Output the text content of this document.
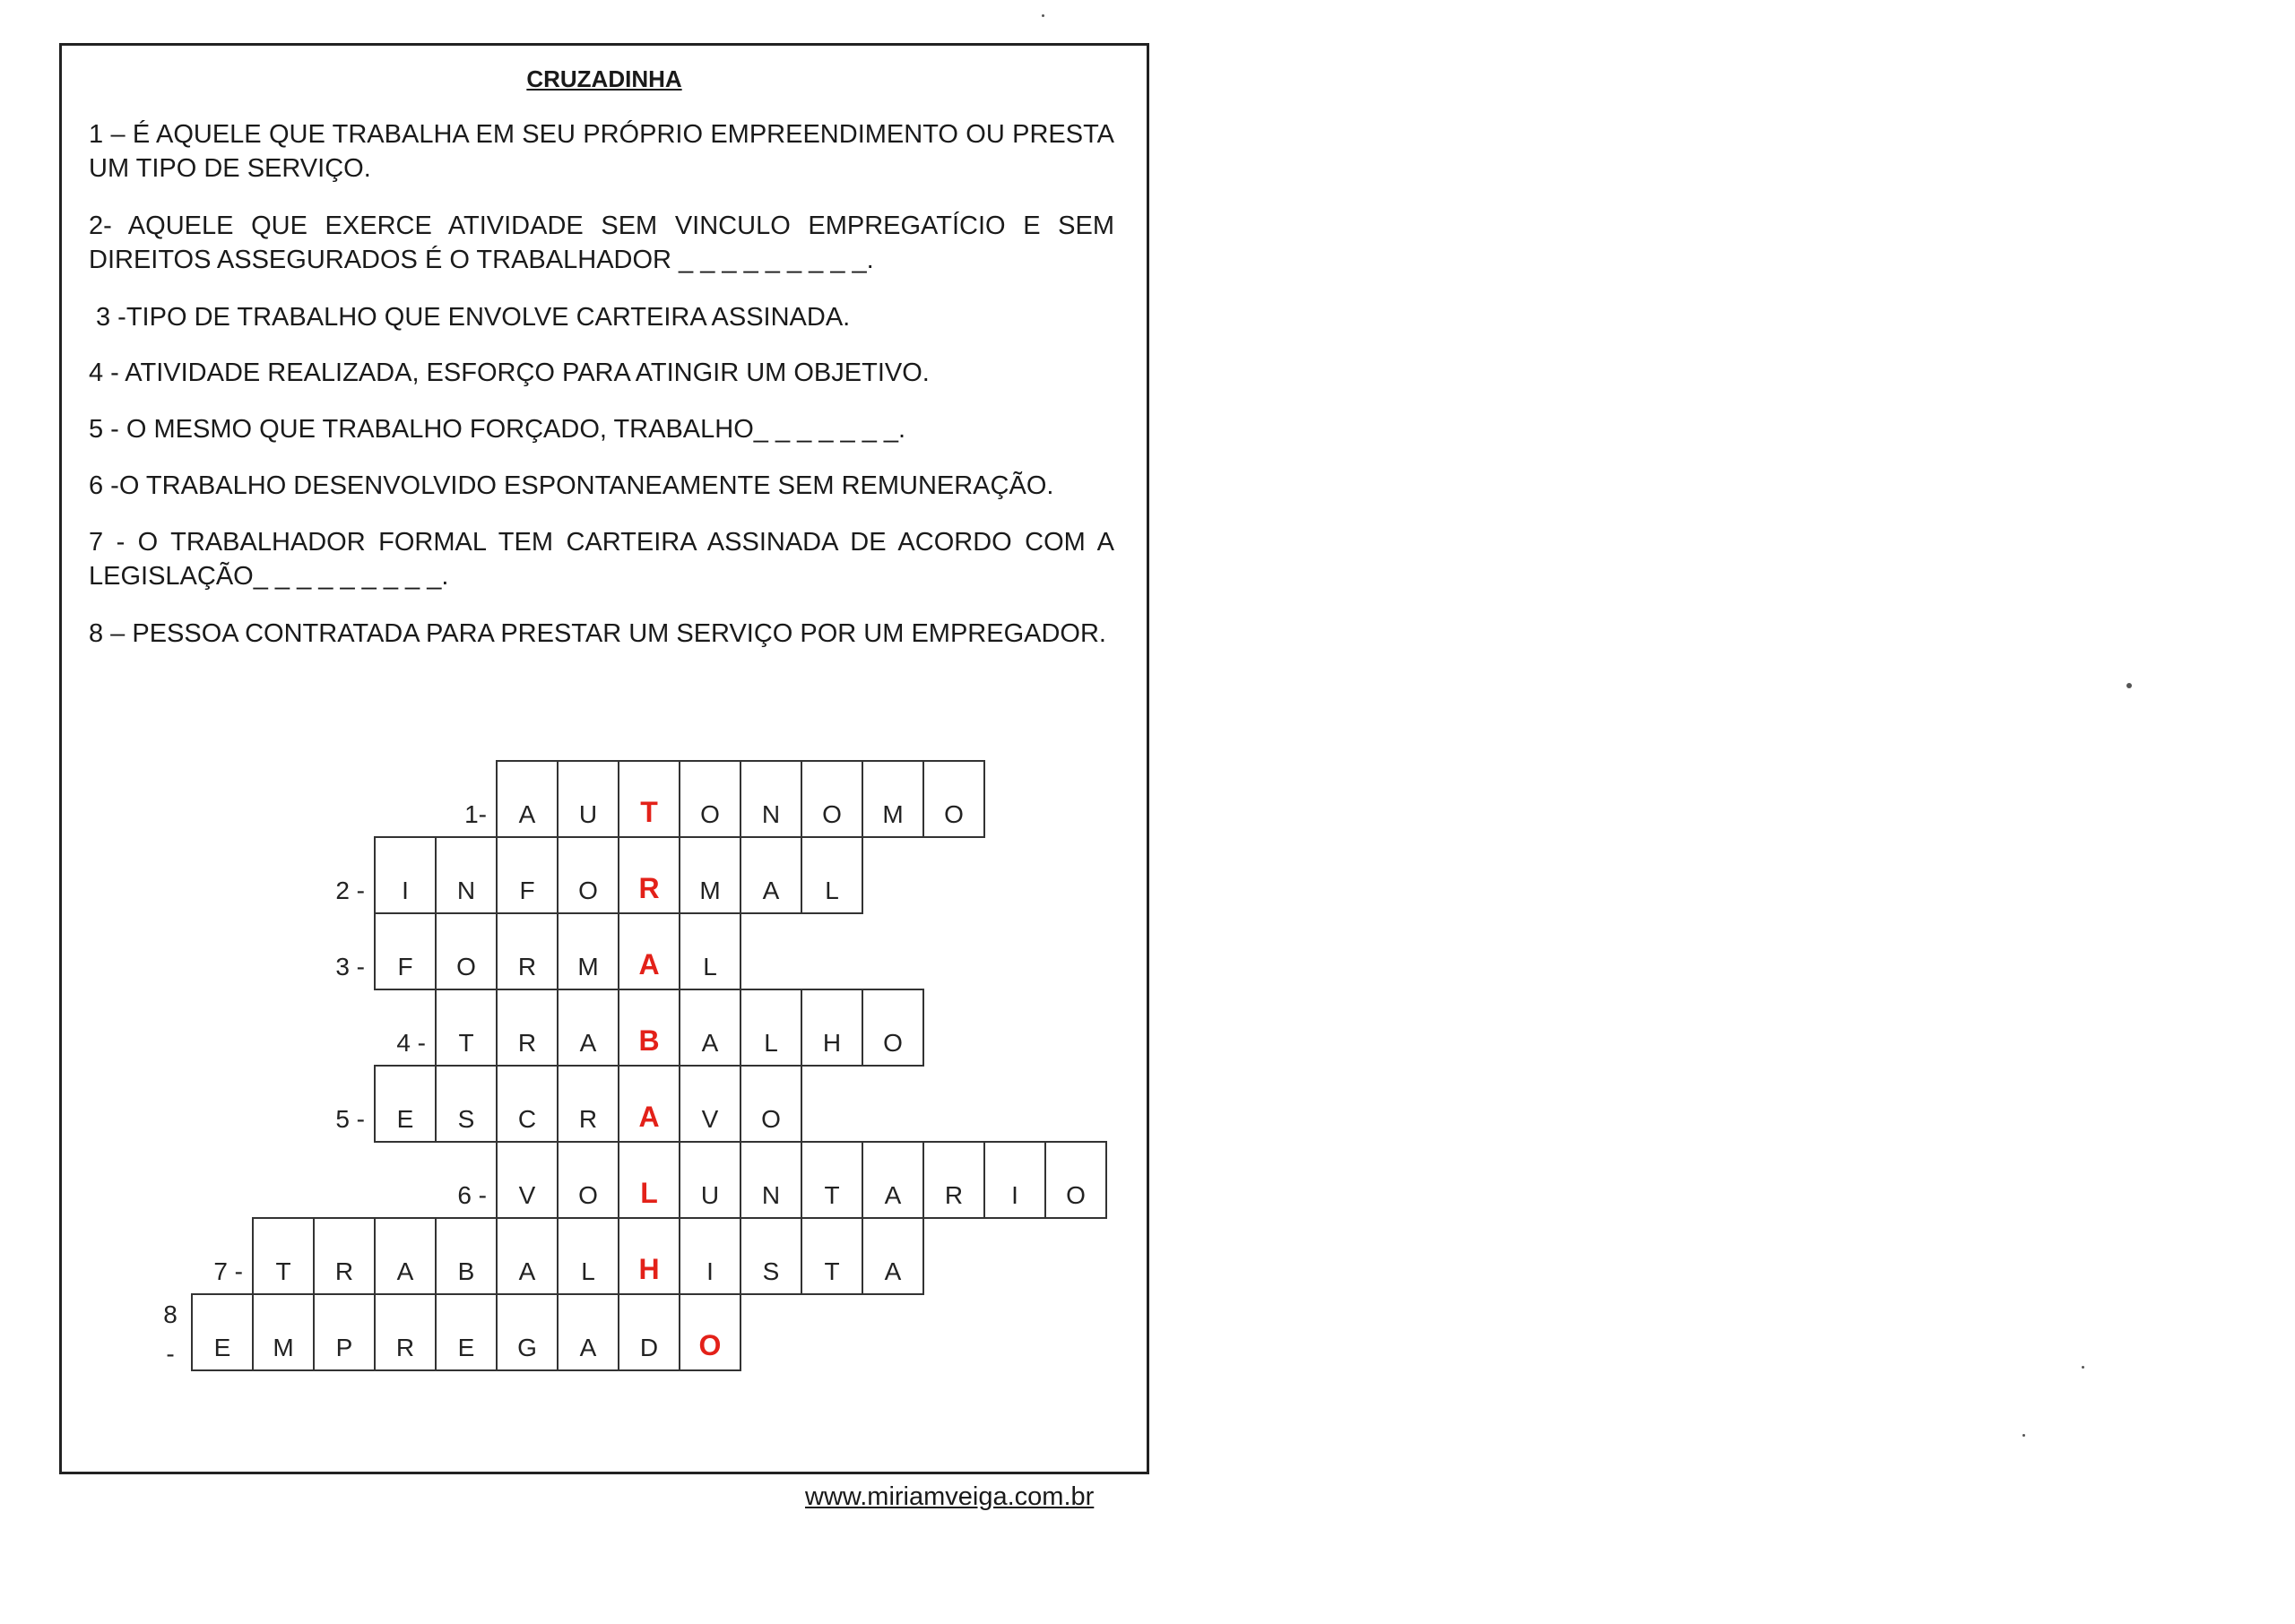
CRUZADINHA

1 – É AQUELE QUE TRABALHA EM SEU PRÓPRIO EMPREENDIMENTO OU PRESTA UM TIPO DE SERVIÇO.

2- AQUELE QUE EXERCE ATIVIDADE SEM VINCULO EMPREGATÍCIO E SEM DIREITOS ASSEGURADOS É O TRABALHADOR _ _ _ _ _ _ _ _ _.

3 -TIPO DE TRABALHO QUE ENVOLVE CARTEIRA ASSINADA.

4 - ATIVIDADE REALIZADA, ESFORÇO PARA ATINGIR UM OBJETIVO.

5 - O MESMO QUE TRABALHO FORÇADO, TRABALHO_ _ _ _ _ _ _.

6 -O TRABALHO DESENVOLVIDO ESPONTANEAMENTE SEM REMUNERAÇÃO.

7 - O TRABALHADOR FORMAL TEM CARTEIRA ASSINADA DE ACORDO COM A LEGISLAÇÃO_ _ _ _ _ _ _ _ _.

8 – PESSOA CONTRATADA PARA PRESTAR UM SERVIÇO POR UM EMPREGADOR.

1-	A	U	T	O	N	O	M	O
2 -	I	N	F	O	R	M	A	L
3 -	F	O	R	M	A	L
4 -	T	R	A	B	A	L	H	O
5 -	E	S	C	R	A	V	O
6 -	V	O	L	U	N	T	A	R	I	O
7 -	T	R	A	B	A	L	H	I	S	T	A
8
-	E	M	P	R	E	G	A	D	O
www.miriamveiga.com.br
